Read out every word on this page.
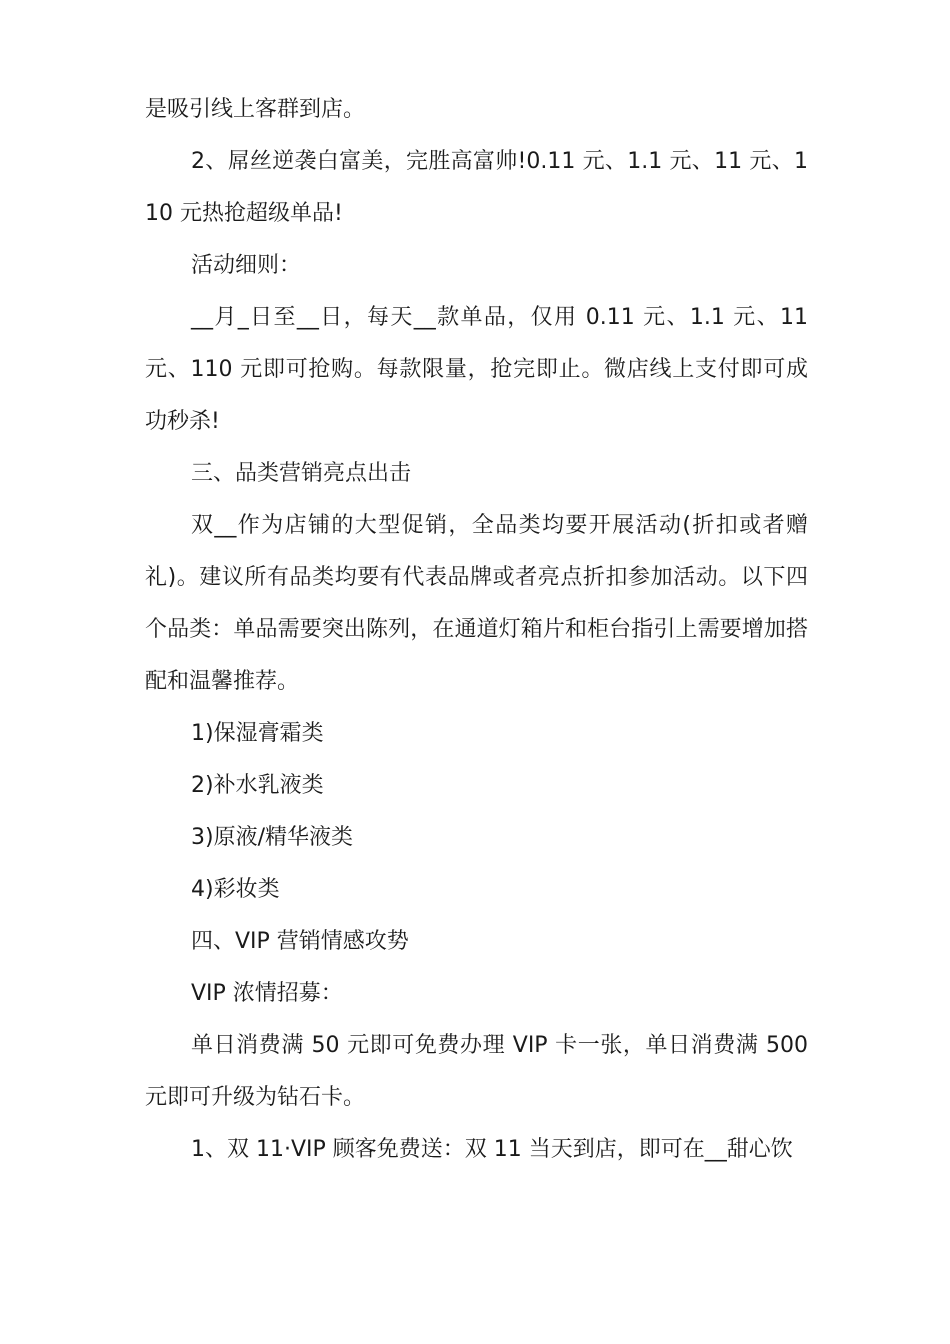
是吸引线上客群到店。

2、屌丝逆袭白富美，完胜高富帅!0.11 元、1.1 元、11 元、110 元热抢超级单品!

活动细则：

__月_日至__日，每天__款单品，仅用 0.11 元、1.1 元、11 元、110 元即可抢购。每款限量，抢完即止。微店线上支付即可成功秒杀!

三、品类营销亮点出击

双__作为店铺的大型促销，全品类均要开展活动(折扣或者赠礼)。建议所有品类均要有代表品牌或者亮点折扣参加活动。以下四个品类：单品需要突出陈列，在通道灯箱片和柜台指引上需要增加搭配和温馨推荐。

1)保湿膏霜类

2)补水乳液类

3)原液/精华液类

4)彩妆类

四、VIP 营销情感攻势

VIP 浓情招募：

单日消费满 50 元即可免费办理 VIP 卡一张，单日消费满 500 元即可升级为钻石卡。

1、双 11·VIP 顾客免费送：双 11 当天到店，即可在__甜心饮
